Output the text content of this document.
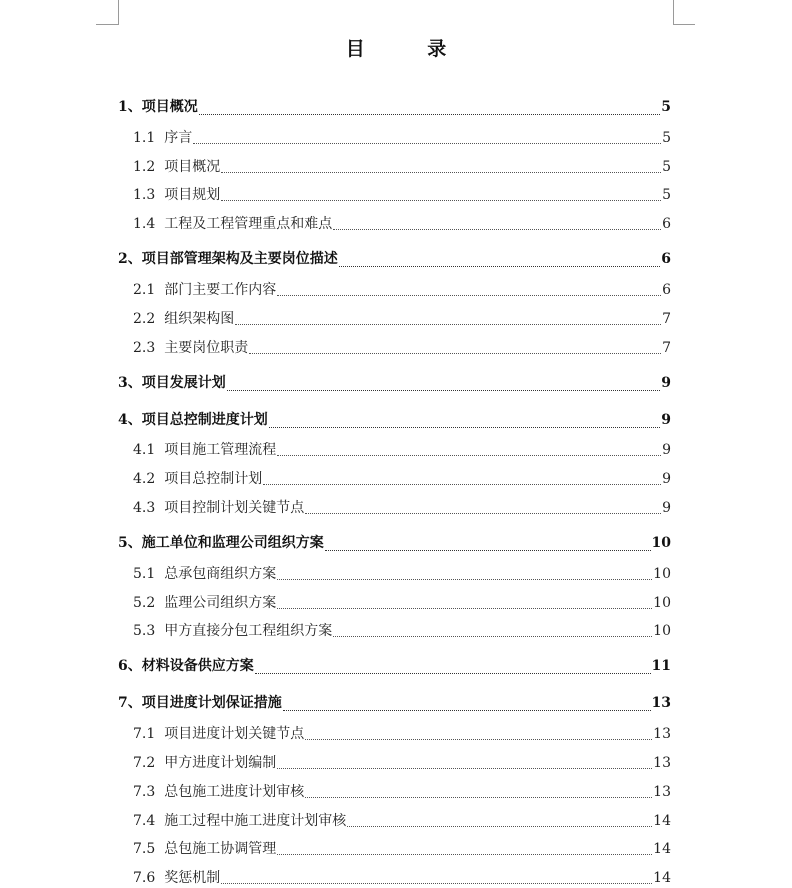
目 录
1、项目概况	5
1.1 序言	5
1.2 项目概况	5
1.3 项目规划	5
1.4 工程及工程管理重点和难点	6
2、项目部管理架构及主要岗位描述	6
2.1 部门主要工作内容	6
2.2 组织架构图	7
2.3 主要岗位职责	7
3、项目发展计划	9
4、项目总控制进度计划	9
4.1 项目施工管理流程	9
4.2 项目总控制计划	9
4.3 项目控制计划关键节点	9
5、施工单位和监理公司组织方案	10
5.1 总承包商组织方案	10
5.2 监理公司组织方案	10
5.3 甲方直接分包工程组织方案	10
6、材料设备供应方案	11
7、项目进度计划保证措施	13
7.1 项目进度计划关键节点	13
7.2 甲方进度计划编制	13
7.3 总包施工进度计划审核	13
7.4 施工过程中施工进度计划审核	14
7.5 总包施工协调管理	14
7.6 奖惩机制	14
